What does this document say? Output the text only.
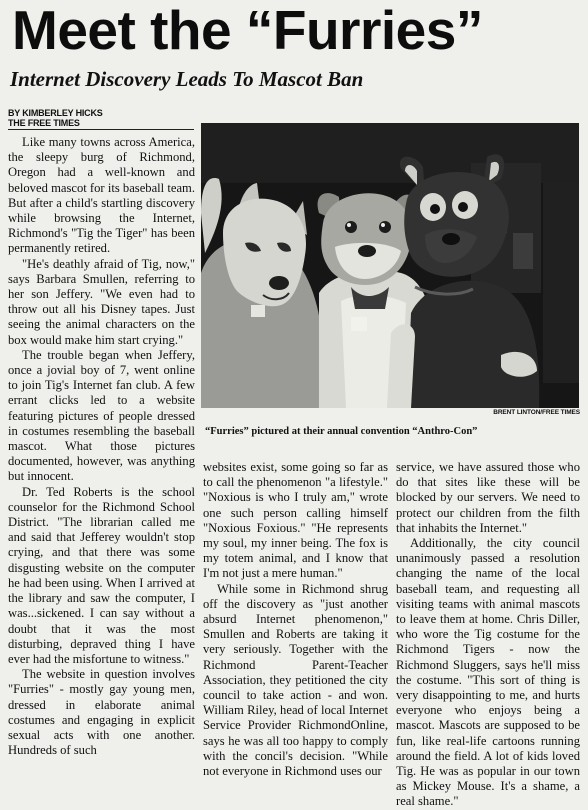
Meet the “Furries”
Internet Discovery Leads To Mascot Ban
BY KIMBERLEY HICKS
THE FREE TIMES
BRENT LINTON/FREE TIMES
“Furries” pictured at their annual convention “Anthro-Con”

Like many towns across America, the sleepy burg of Richmond, Oregon had a well-known and beloved mascot for its baseball team. But after a child's startling discovery while browsing the Internet, Richmond's "Tig the Tiger" has been permanently retired.

"He's deathly afraid of Tig, now," says Barbara Smullen, referring to her son Jeffery. "We even had to throw out all his Disney tapes. Just seeing the animal characters on the box would make him start crying."

The trouble began when Jeffery, once a jovial boy of 7, went online to join Tig's Internet fan club. A few errant clicks led to a website featuring pictures of people dressed in costumes resembling the baseball mascot. What those pictures documented, however, was anything but innocent.

Dr. Ted Roberts is the school counselor for the Richmond School District. "The librarian called me and said that Jefferey wouldn't stop crying, and that there was some disgusting website on the computer he had been using. When I arrived at the library and saw the computer, I was...sickened. I can say without a doubt that it was the most disturbing, depraved thing I have ever had the misfortune to witness."

The website in question involves "Furries" - mostly gay young men, dressed in elaborate animal costumes and engaging in explicit sexual acts with one another. Hundreds of such

websites exist, some going so far as to call the phenomenon "a lifestyle." "Noxious is who I truly am," wrote one such person calling himself "Noxious Foxious." "He represents my soul, my inner being. The fox is my totem animal, and I know that I'm not just a mere human."

While some in Richmond shrug off the discovery as "just another absurd Internet phenomenon," Smullen and Roberts are taking it very seriously. Together with the Richmond Parent-Teacher Association, they petitioned the city council to take action - and won. William Riley, head of local Internet Service Provider RichmondOnline, says he was all too happy to comply with the concil's decision. "While not everyone in Richmond uses our

service, we have assured those who do that sites like these will be blocked by our servers. We need to protect our children from the filth that inhabits the Internet."

Additionally, the city council unanimously passed a resolution changing the name of the local baseball team, and requesting all visiting teams with animal mascots to leave them at home. Chris Diller, who wore the Tig costume for the Richmond Tigers - now the Richmond Sluggers, says he'll miss the costume. "This sort of thing is very disappointing to me, and hurts everyone who enjoys being a mascot. Mascots are supposed to be fun, like real-life cartoons running around the field. A lot of kids loved Tig. He was as popular in our town as Mickey Mouse. It's a shame, a real shame."
